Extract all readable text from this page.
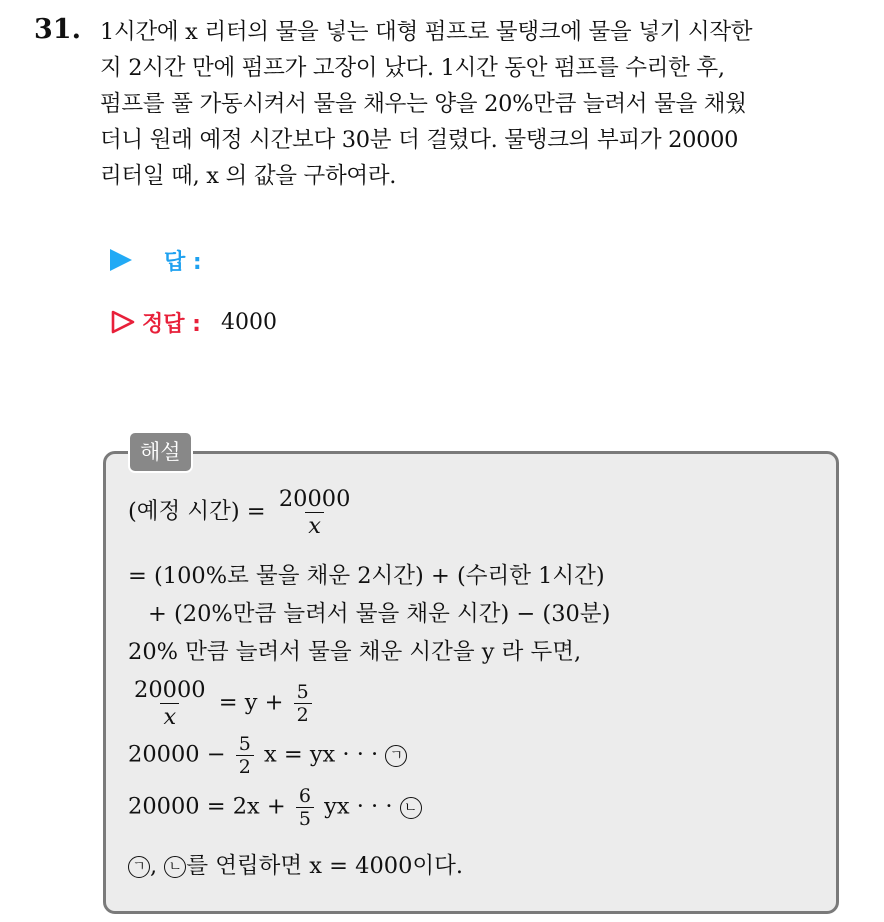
31. 1시간에 x 리터의 물을 넣는 대형 펌프로 물탱크에 물을 넣기 시작한
지 2시간 만에 펌프가 고장이 났다. 1시간 동안 펌프를 수리한 후,
펌프를 풀 가동시켜서 물을 채우는 양을 20%만큼 늘려서 물을 채웠
더니 원래 예정 시간보다 30분 더 걸렸다. 물탱크의 부피가 20000
리터일 때, x 의 값을 구하여라.
답 :
정답 : 4000
해설
(예정 시간) = $\frac{20000}{x}$
= (100%로 물을 채운 2시간) + (수리한 1시간)
+ (20%만큼 늘려서 물을 채운 시간) − (30분)
20% 만큼 늘려서 물을 채운 시간을 y 라 두면,
$\frac{20000}{x} = y + \frac{5}{2}$
$20000 - \frac{5}{2}$ x = yx · · · ㄱ
$20000 = 2x + \frac{6}{5}$ yx · · · ㄴ
ㄱ , ㄴ 를 연립하면 x = 4000이다.
